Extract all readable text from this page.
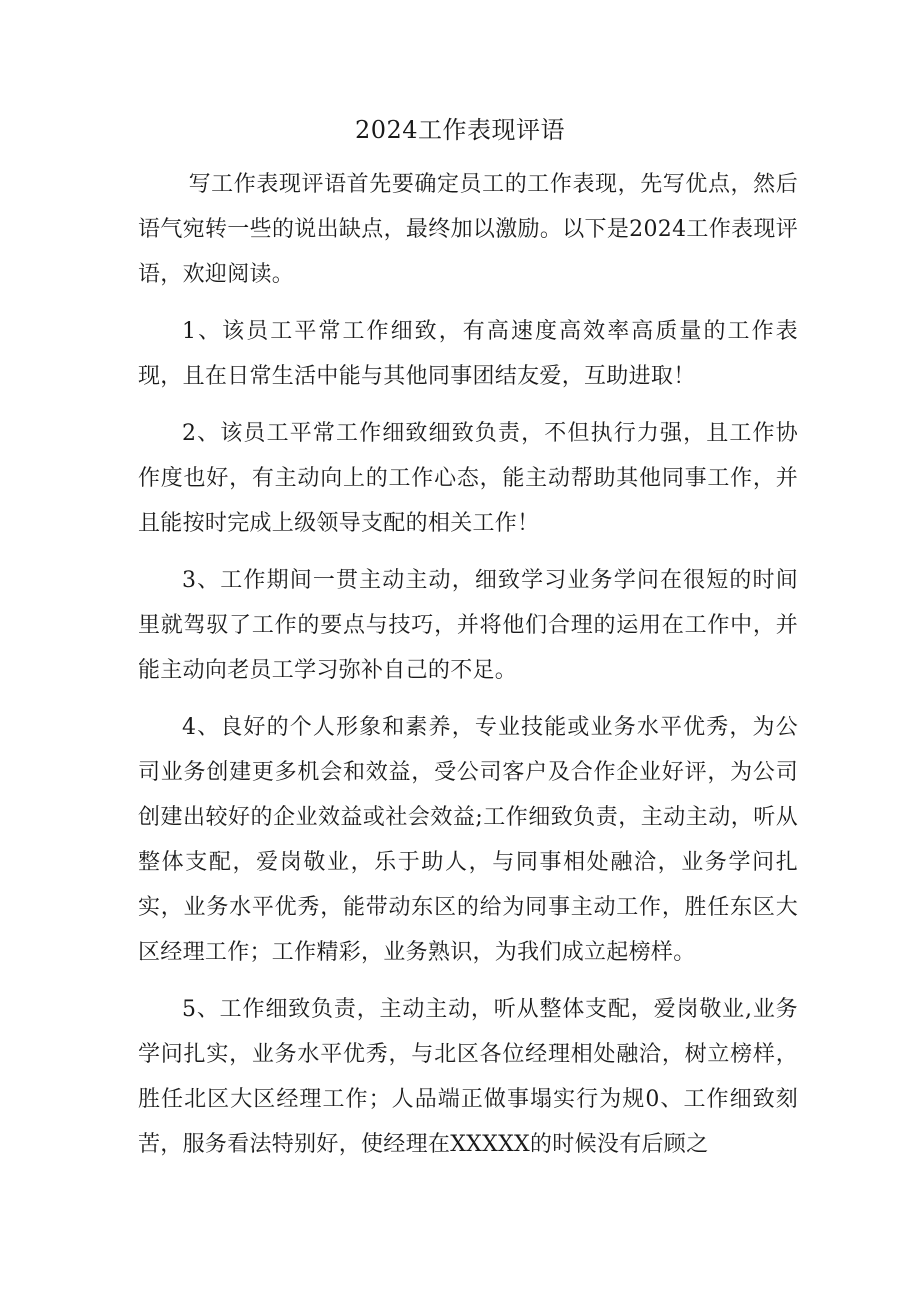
2024工作表现评语

写工作表现评语首先要确定员工的工作表现，先写优点，然后语气宛转一些的说出缺点，最终加以激励。以下是2024工作表现评语，欢迎阅读。

1、该员工平常工作细致，有高速度高效率高质量的工作表现，且在日常生活中能与其他同事团结友爱，互助进取！

2、该员工平常工作细致细致负责，不但执行力强，且工作协作度也好，有主动向上的工作心态，能主动帮助其他同事工作，并且能按时完成上级领导支配的相关工作！

3、工作期间一贯主动主动，细致学习业务学问在很短的时间里就驾驭了工作的要点与技巧，并将他们合理的运用在工作中，并能主动向老员工学习弥补自己的不足。

4、良好的个人形象和素养，专业技能或业务水平优秀，为公司业务创建更多机会和效益，受公司客户及合作企业好评，为公司创建出较好的企业效益或社会效益;工作细致负责，主动主动，听从整体支配，爱岗敬业，乐于助人，与同事相处融洽，业务学问扎实，业务水平优秀，能带动东区的给为同事主动工作，胜任东区大区经理工作；工作精彩，业务熟识，为我们成立起榜样。

5、工作细致负责，主动主动，听从整体支配，爱岗敬业,业务学问扎实，业务水平优秀，与北区各位经理相处融洽，树立榜样，胜任北区大区经理工作；人品端正做事塌实行为规0、工作细致刻苦，服务看法特别好，使经理在XXXXX的时候没有后顾之
